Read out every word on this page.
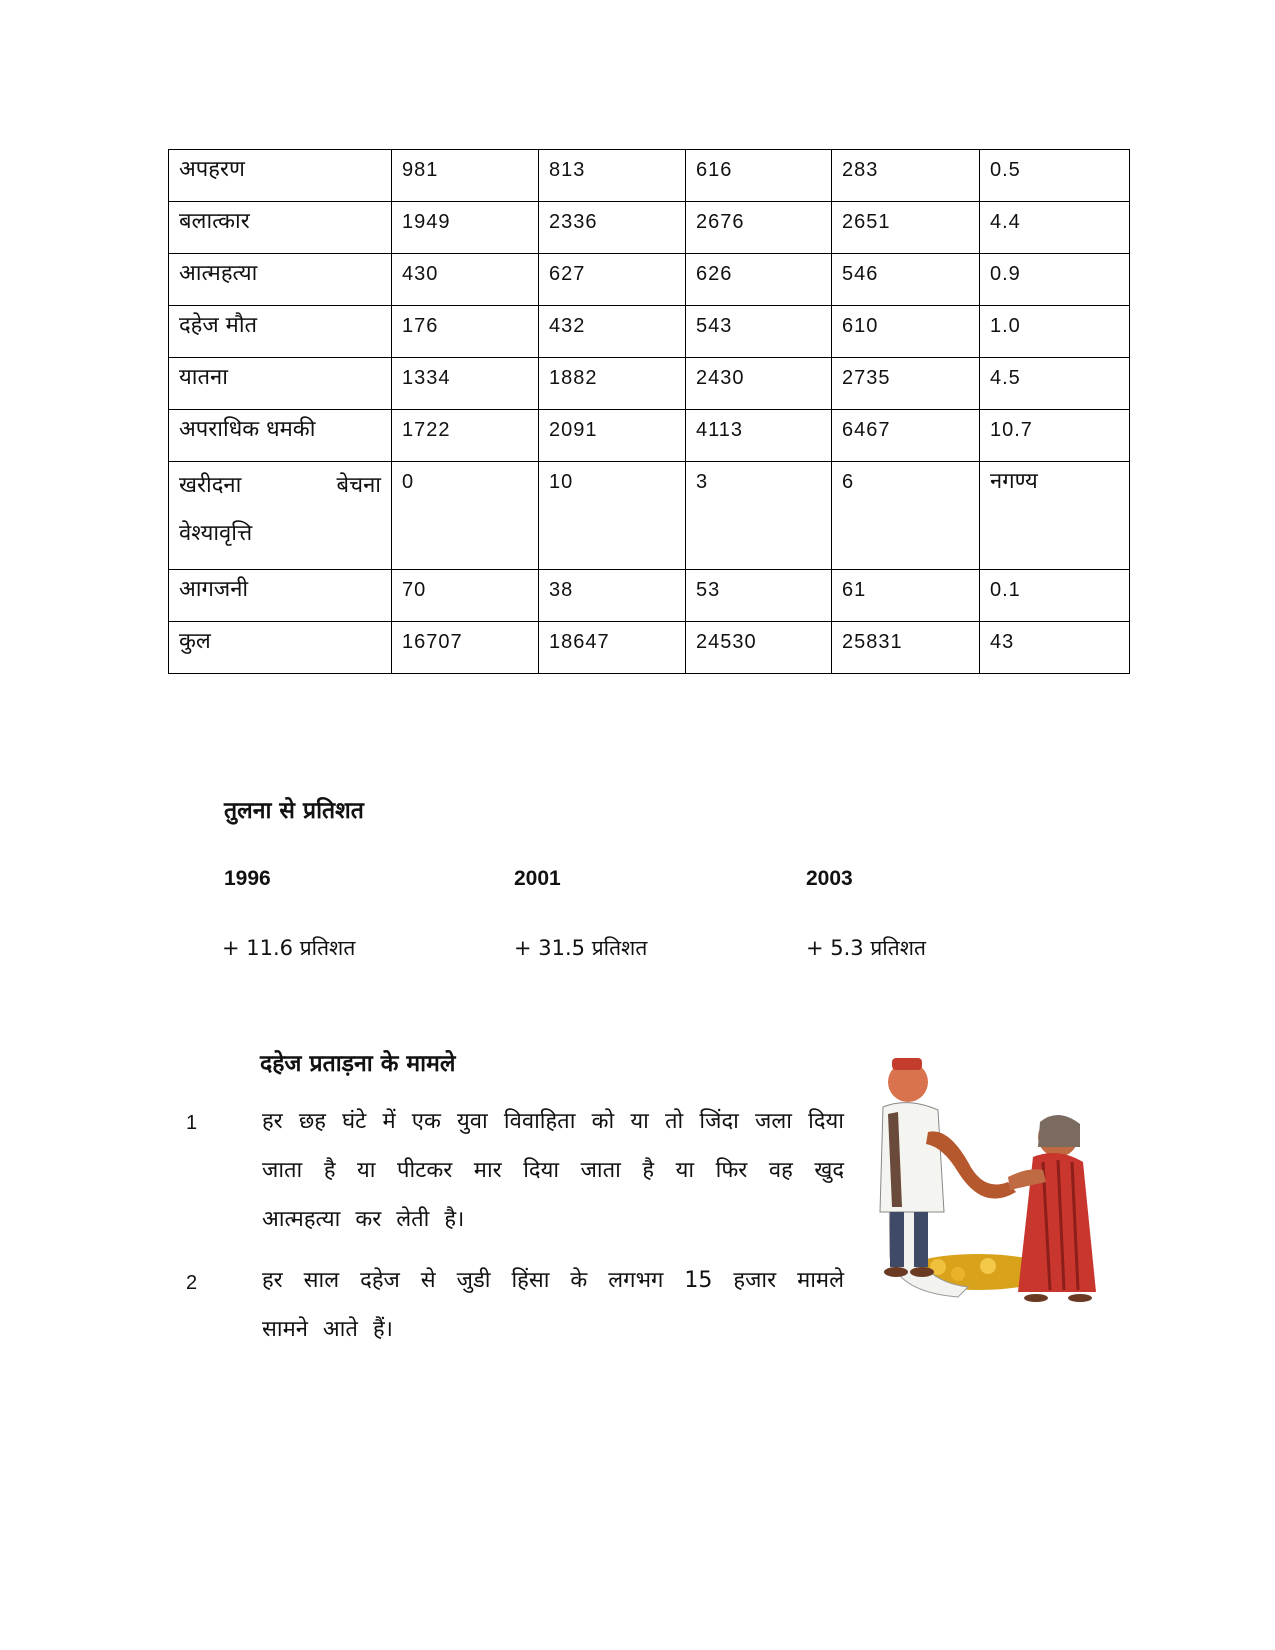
अपहरण	981	813	616	283	0.5
बलात्कार	1949	2336	2676	2651	4.4
आत्महत्या	430	627	626	546	0.9
दहेज मौत	176	432	543	610	1.0
यातना	1334	1882	2430	2735	4.5
अपराधिक धमकी	1722	2091	4113	6467	10.7

खरीदना बेचना
वेश्यावृत्ति	0	10	3	6	नगण्य
आगजनी	70	38	53	61	0.1
कुल	16707	18647	24530	25831	43
तुलना से प्रतिशत
1996	2001	2003
+ 11.6 प्रतिशत	+ 31.5 प्रतिशत	+ 5.3 प्रतिशत
दहेज प्रताड़ना के मामले
1	हर छह घंटे में एक युवा विवाहिता को या तो जिंदा जला दिया जाता है या पीटकर मार दिया जाता है या फिर वह खुद आत्महत्या कर लेती है।
2	हर साल दहेज से जुडी हिंसा के लगभग 15 हजार मामले सामने आते हैं।
